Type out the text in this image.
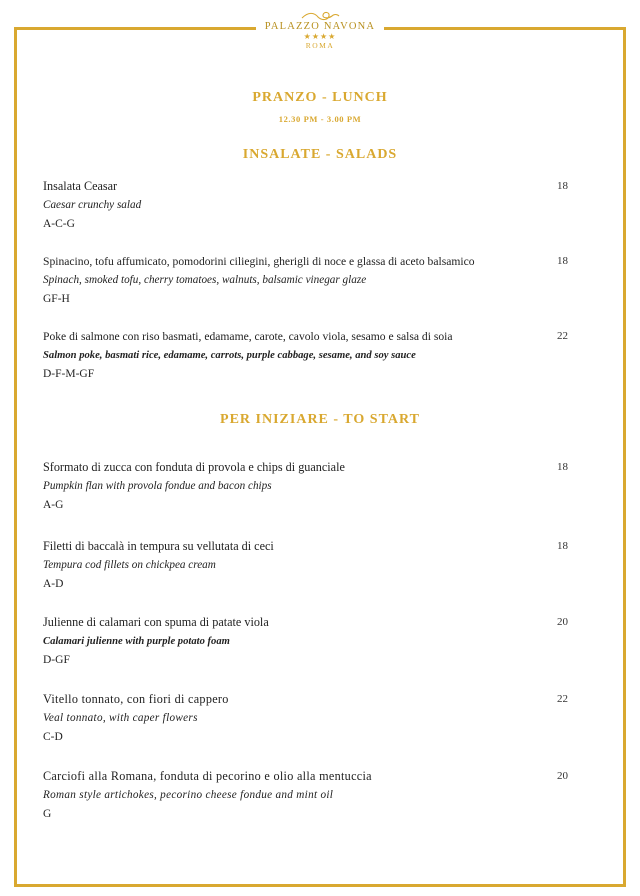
PALAZZO NAVONA
★★★★
ROMA
PRANZO - LUNCH
12.30 PM - 3.00 PM
INSALATE - SALADS
Insalata Ceasar
Caesar crunchy salad
A-C-G
18
Spinacino, tofu affumicato, pomodorini ciliegini, gherigli di noce e glassa di aceto balsamico
Spinach, smoked tofu, cherry tomatoes, walnuts, balsamic vinegar glaze
GF-H
18
Poke di salmone con riso basmati, edamame, carote, cavolo viola, sesamo e salsa di soia
Salmon poke, basmati rice, edamame, carrots, purple cabbage, sesame, and soy sauce
D-F-M-GF
22
PER INIZIARE - TO START
Sformato di zucca con fonduta di provola e chips di guanciale
Pumpkin flan with provola fondue and bacon chips
A-G
18
Filetti di baccalà in tempura su vellutata di ceci
Tempura cod fillets on chickpea cream
A-D
18
Julienne di calamari con spuma di patate viola
Calamari julienne with purple potato foam
D-GF
20
Vitello tonnato, con fiori di cappero
Veal tonnato, with caper flowers
C-D
22
Carciofi alla Romana, fonduta di pecorino e olio alla mentuccia
Roman style artichokes, pecorino cheese fondue and mint oil
G
20
